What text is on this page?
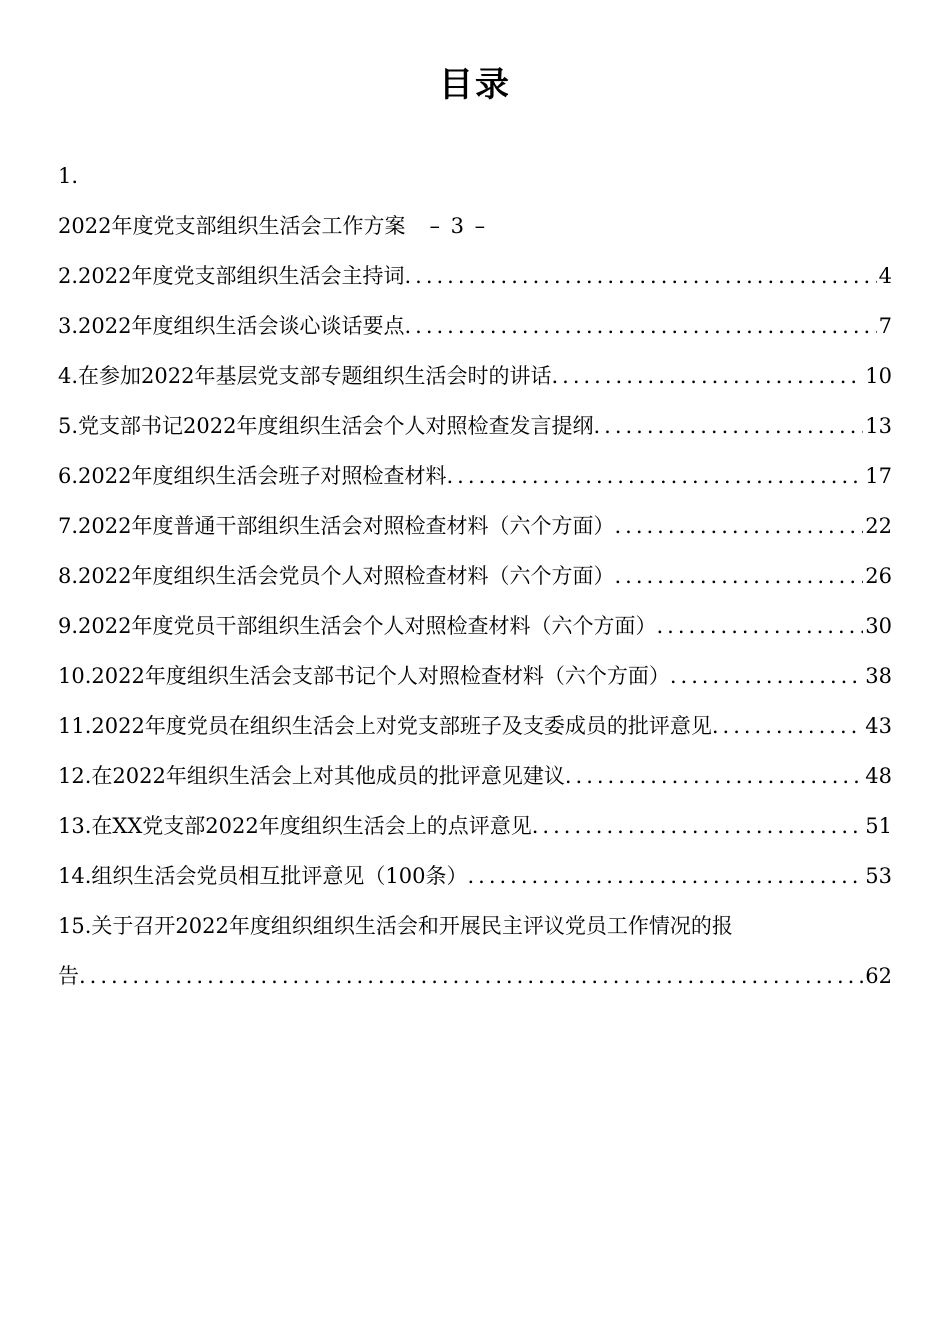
目录
1.
2022年度党支部组织生活会工作方案 – 3 –
2.2022年度党支部组织生活会主持词 .....	4
3.2022年度组织生活会谈心谈话要点 .....	7
4.在参加2022年基层党支部专题组织生活会时的讲话 .....	10
5.党支部书记2022年度组织生活会个人对照检查发言提纲 .....	13
6.2022年度组织生活会班子对照检查材料 .....	17
7.2022年度普通干部组织生活会对照检查材料（六个方面） .....	22
8.2022年度组织生活会党员个人对照检查材料（六个方面） .....	26
9.2022年度党员干部组织生活会个人对照检查材料（六个方面） .....	30
10.2022年度组织生活会支部书记个人对照检查材料（六个方面） .....	38
11.2022年度党员在组织生活会上对党支部班子及支委成员的批评意见 .....	43
12.在2022年组织生活会上对其他成员的批评意见建议 .....	48
13.在XX党支部2022年度组织生活会上的点评意见 .....	51
14.组织生活会党员相互批评意见（100条） .....	53
15.关于召开2022年度组织组织生活会和开展民主评议党员工作情况的报
告 .....	62
